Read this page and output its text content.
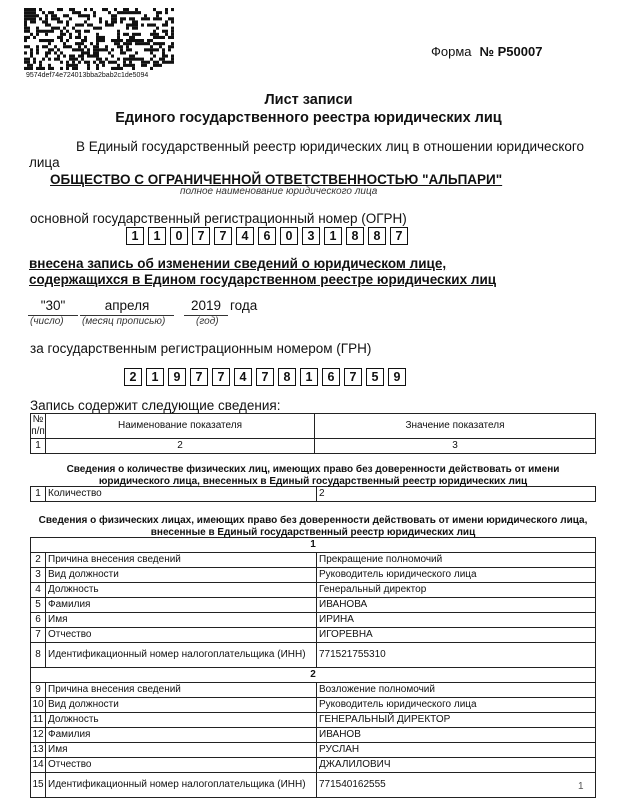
9574def74e724013bba2bab2c1de5094
Форма № Р50007
Лист записи
Единого государственного реестра юридических лиц
В Единый государственный реестр юридических лиц в отношении юридического
лица
ОБЩЕСТВО С ОГРАНИЧЕННОЙ ОТВЕТСТВЕННОСТЬЮ "АЛЬПАРИ"
полное наименование юридического лица
основной государственный регистрационный номер (ОГРН)
1	1	0	7	7	4	6	0	3	1	8	8	7
внесена запись об изменении сведений о юридическом лице,
содержащихся в Едином государственном реестре юридических лиц
"30"	апреля	2019 года
(число) (месяц прописью)	(год)
за государственным регистрационным номером (ГРН)
2	1	9	7	7	4	7	8	1	6	7	5	9
Запись содержит следующие сведения:
№ п/п	Наименование показателя	Значение показателя
1	2	3
Сведения о количестве физических лиц, имеющих право без доверенности действовать от имени юридического лица, внесенных в Единый государственный реестр юридических лиц
1	Количество	2
Сведения о физических лицах, имеющих право без доверенности действовать от имени юридического лица, внесенные в Единый государственный реестр юридических лиц
1		
2	Причина внесения сведений	Прекращение полномочий
3	Вид должности	Руководитель юридического лица
4	Должность	Генеральный директор
5	Фамилия	ИВАНОВА
6	Имя	ИРИНА
7	Отчество	ИГОРЕВНА
8	Идентификационный номер налогоплательщика (ИНН)	771521755310
2		
9	Причина внесения сведений	Возложение полномочий
10	Вид должности	Руководитель юридического лица
11	Должность	ГЕНЕРАЛЬНЫЙ ДИРЕКТОР
12	Фамилия	ИВАНОВ
13	Имя	РУСЛАН
14	Отчество	ДЖАЛИЛОВИЧ
15	Идентификационный номер налогоплательщика (ИНН)	771540162555	1
